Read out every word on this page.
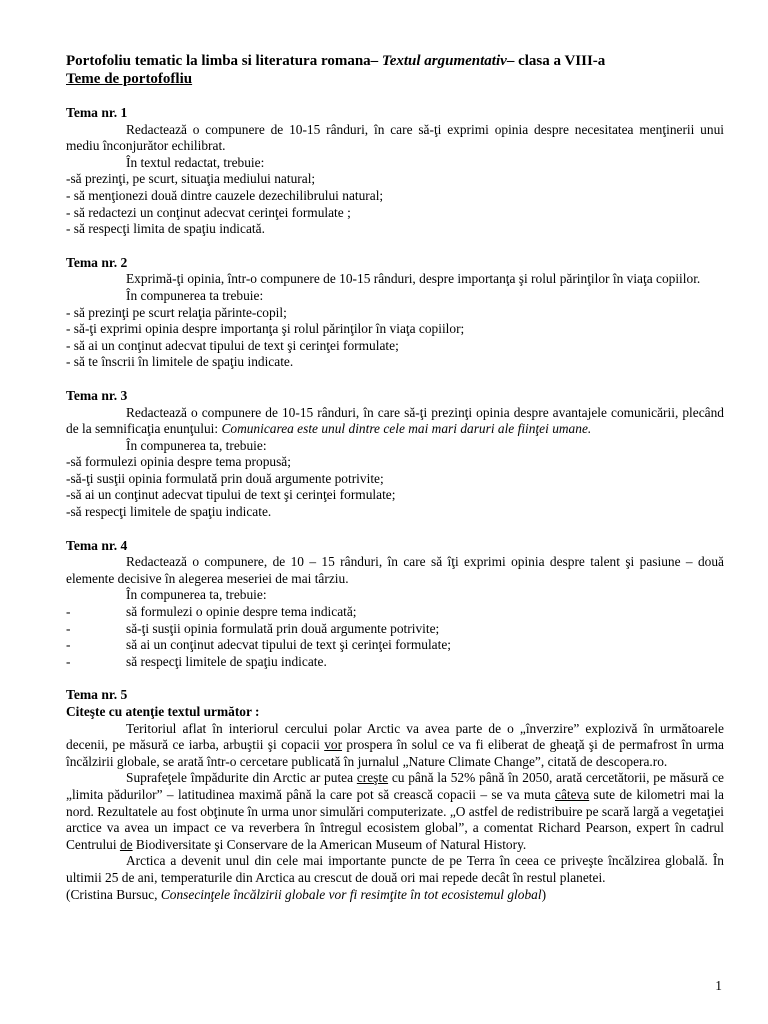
Portofoliu tematic la limba si literatura romana– Textul argumentativ– clasa a VIII-a
Teme de portofofliu
Tema nr. 1
Redactează o compunere de 10-15 rânduri, în care să-ţi exprimi opinia despre necesitatea menţinerii unui mediu înconjurător echilibrat.
În textul redactat, trebuie:
-să prezinţi, pe scurt, situaţia mediului natural;
- să menţionezi două dintre cauzele dezechilibrului natural;
- să redactezi un conţinut adecvat cerinţei formulate ;
- să respecţi limita de spaţiu indicată.
Tema nr. 2
Exprimă-ţi opinia, într-o compunere de 10-15 rânduri, despre importanţa şi rolul părinţilor în viaţa copiilor.
În compunerea ta trebuie:
- să prezinţi pe scurt relaţia părinte-copil;
- să-ţi exprimi opinia despre importanţa şi rolul părinţilor în viaţa copiilor;
- să ai un conţinut adecvat tipului de text şi cerinţei formulate;
- să te înscrii în limitele de spaţiu indicate.
Tema nr. 3
Redactează o compunere de 10-15 rânduri, în care să-ţi prezinţi opinia despre avantajele comunicării, plecând de la semnificaţia enunţului: Comunicarea este unul dintre cele mai mari daruri ale fiinţei umane.
În compunerea ta, trebuie:
-să formulezi opinia despre tema propusă;
-să-ţi susţii opinia formulată prin două argumente potrivite;
-să ai un conţinut adecvat tipului de text şi cerinţei formulate;
-să respecţi limitele de spaţiu indicate.
Tema nr. 4
Redactează o compunere, de 10 – 15 rânduri, în care să îţi exprimi opinia despre talent şi pasiune – două elemente decisive în alegerea meseriei de mai târziu.
În compunerea ta, trebuie:
-	să formulezi o opinie despre tema indicată;
-	să-ţi susţii opinia formulată prin două argumente potrivite;
-	să ai un conţinut adecvat tipului de text şi cerinţei formulate;
-	să respecţi limitele de spaţiu indicate.
Tema nr. 5
Citeşte cu atenţie textul următor :
Teritoriul aflat în interiorul cercului polar Arctic va avea parte de o „înverzire” explozivă în următoarele decenii, pe măsură ce iarba, arbuştii şi copacii vor prospera în solul ce va fi eliberat de gheaţă şi de permafrost în urma încălzirii globale, se arată într-o cercetare publicată în jurnalul „Nature Climate Change”, citată de descopera.ro.
Suprafeţele împădurite din Arctic ar putea creşte cu până la 52% până în 2050, arată cercetătorii, pe măsură ce „limita pădurilor” – latitudinea maximă până la care pot să crească copacii – se va muta câteva sute de kilometri mai la nord. Rezultatele au fost obţinute în urma unor simulări computerizate. „O astfel de redistribuire pe scară largă a vegetaţiei arctice va avea un impact ce va reverbera în întregul ecosistem global”, a comentat Richard Pearson, expert în cadrul Centrului de Biodiversitate şi Conservare de la American Museum of Natural History.
Arctica a devenit unul din cele mai importante puncte de pe Terra în ceea ce priveşte încălzirea globală. În ultimii 25 de ani, temperaturile din Arctica au crescut de două ori mai repede decât în restul planetei.
(Cristina Bursuc, Consecinţele încălzirii globale vor fi resimţite în tot ecosistemul global)
1
